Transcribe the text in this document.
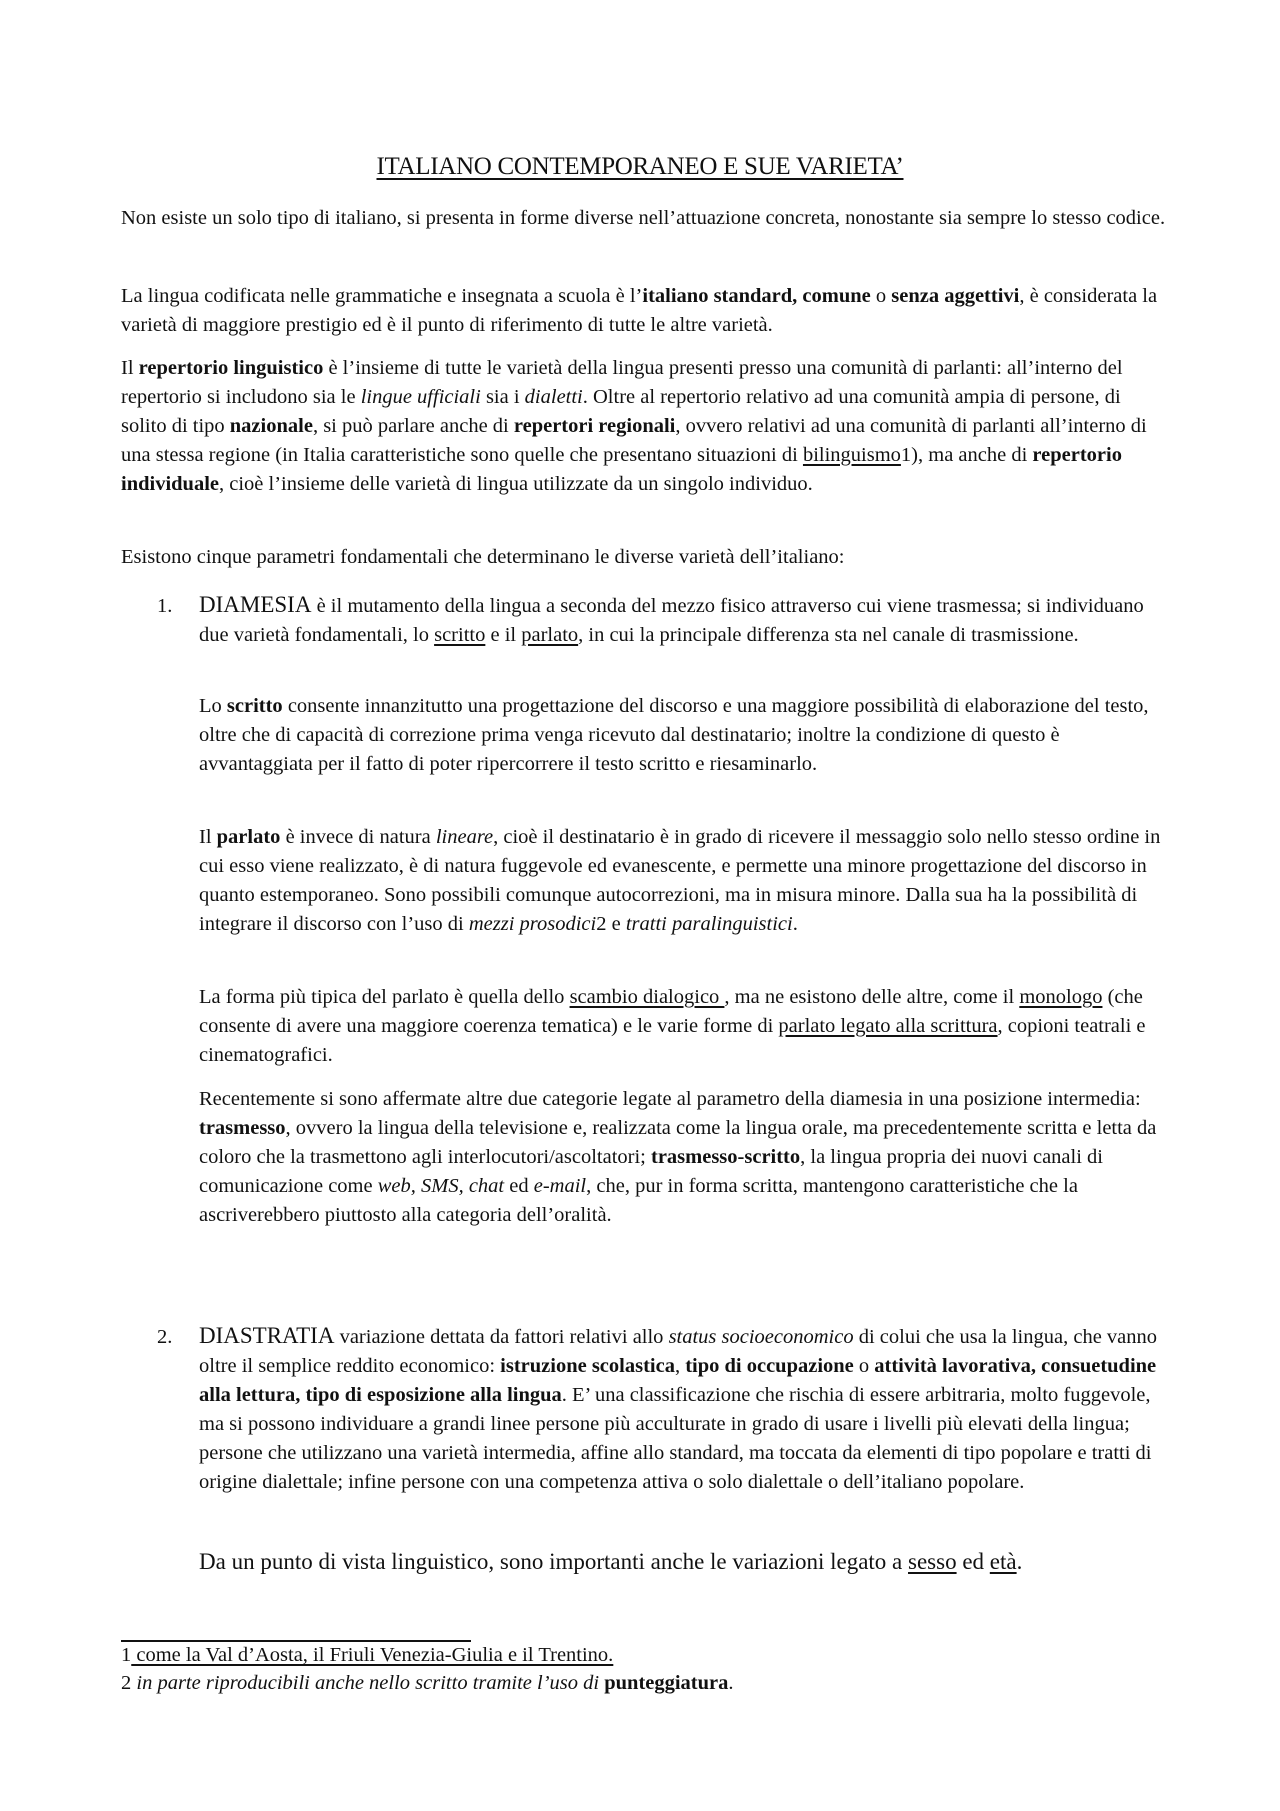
ITALIANO CONTEMPORANEO E SUE VARIETA’

Non esiste un solo tipo di italiano, si presenta in forme diverse nell’attuazione concreta, nonostante sia sempre lo stesso codice.

La lingua codificata nelle grammatiche e insegnata a scuola è l’italiano standard, comune o senza aggettivi, è considerata la varietà di maggiore prestigio ed è il punto di riferimento di tutte le altre varietà.

Il repertorio linguistico è l’insieme di tutte le varietà della lingua presenti presso una comunità di parlanti: all’interno del repertorio si includono sia le lingue ufficiali sia i dialetti. Oltre al repertorio relativo ad una comunità ampia di persone, di solito di tipo nazionale, si può parlare anche di repertori regionali, ovvero relativi ad una comunità di parlanti all’interno di una stessa regione (in Italia caratteristiche sono quelle che presentano situazioni di bilinguismo1), ma anche di repertorio individuale, cioè l’insieme delle varietà di lingua utilizzate da un singolo individuo.

Esistono cinque parametri fondamentali che determinano le diverse varietà dell’italiano:

1. DIAMESIA è il mutamento della lingua a seconda del mezzo fisico attraverso cui viene trasmessa; si individuano due varietà fondamentali, lo scritto e il parlato, in cui la principale differenza sta nel canale di trasmissione.

Lo scritto consente innanzitutto una progettazione del discorso e una maggiore possibilità di elaborazione del testo, oltre che di capacità di correzione prima venga ricevuto dal destinatario; inoltre la condizione di questo è avvantaggiata per il fatto di poter ripercorrere il testo scritto e riesaminarlo.

Il parlato è invece di natura lineare, cioè il destinatario è in grado di ricevere il messaggio solo nello stesso ordine in cui esso viene realizzato, è di natura fuggevole ed evanescente, e permette una minore progettazione del discorso in quanto estemporaneo. Sono possibili comunque autocorrezioni, ma in misura minore. Dalla sua ha la possibilità di integrare il discorso con l’uso di mezzi prosodici2 e tratti paralinguistici.

La forma più tipica del parlato è quella dello scambio dialogico , ma ne esistono delle altre, come il monologo (che consente di avere una maggiore coerenza tematica) e le varie forme di parlato legato alla scrittura, copioni teatrali e cinematografici.

Recentemente si sono affermate altre due categorie legate al parametro della diamesia in una posizione intermedia: trasmesso, ovvero la lingua della televisione e, realizzata come la lingua orale, ma precedentemente scritta e letta da coloro che la trasmettono agli interlocutori/ascoltatori; trasmesso-scritto, la lingua propria dei nuovi canali di comunicazione come web, SMS, chat ed e-mail, che, pur in forma scritta, mantengono caratteristiche che la ascriverebbero piuttosto alla categoria dell’oralità.

2. DIASTRATIA variazione dettata da fattori relativi allo status socioeconomico di colui che usa la lingua, che vanno oltre il semplice reddito economico: istruzione scolastica, tipo di occupazione o attività lavorativa, consuetudine alla lettura, tipo di esposizione alla lingua. E’ una classificazione che rischia di essere arbitraria, molto fuggevole, ma si possono individuare a grandi linee persone più acculturate in grado di usare i livelli più elevati della lingua; persone che utilizzano una varietà intermedia, affine allo standard, ma toccata da elementi di tipo popolare e tratti di origine dialettale; infine persone con una competenza attiva o solo dialettale o dell’italiano popolare.

Da un punto di vista linguistico, sono importanti anche le variazioni legato a sesso ed età.

1 come la Val d’Aosta, il Friuli Venezia-Giulia e il Trentino.

2 in parte riproducibili anche nello scritto tramite l’uso di punteggiatura.
